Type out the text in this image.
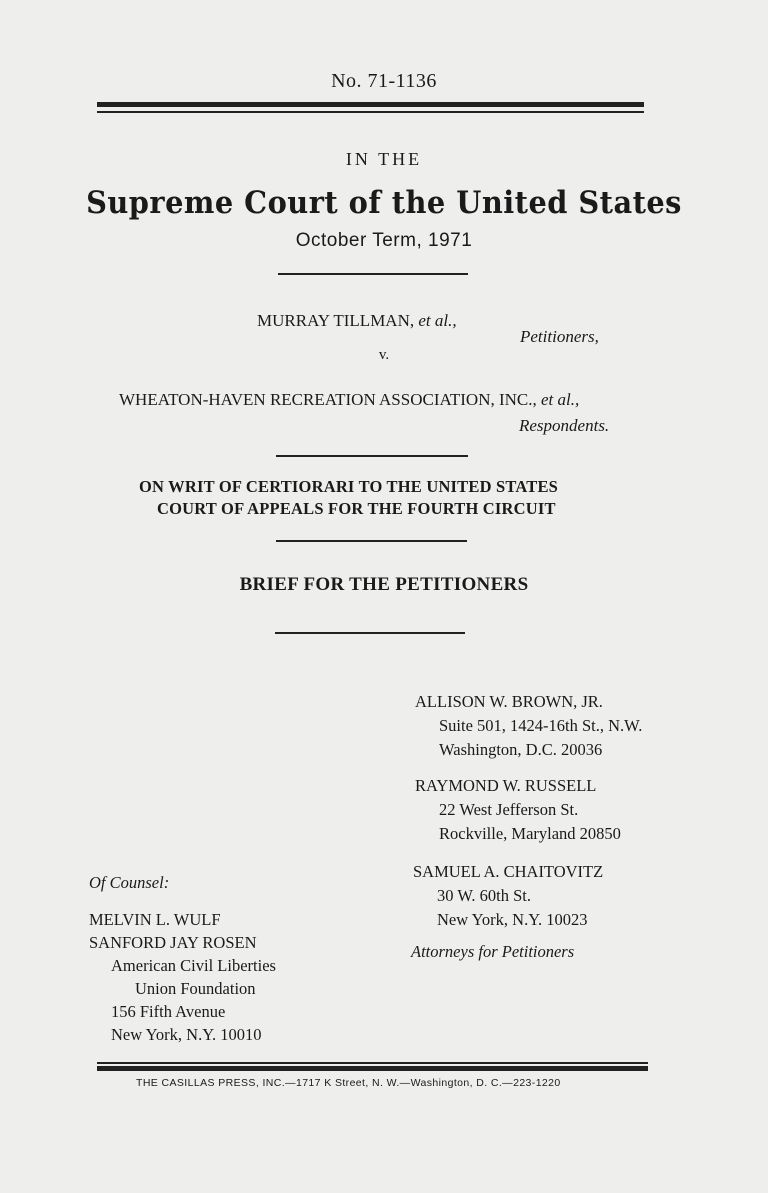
No. 71-1136
IN THE
Supreme Court of the United States
October Term, 1971
MURRAY TILLMAN, et al.,
Petitioners,
v.
WHEATON-HAVEN RECREATION ASSOCIATION, INC., et al.,
Respondents.
ON WRIT OF CERTIORARI TO THE UNITED STATES
COURT OF APPEALS FOR THE FOURTH CIRCUIT
BRIEF FOR THE PETITIONERS
ALLISON W. BROWN, JR.
Suite 501, 1424-16th St., N.W.
Washington, D.C. 20036
RAYMOND W. RUSSELL
22 West Jefferson St.
Rockville, Maryland 20850
SAMUEL A. CHAITOVITZ
30 W. 60th St.
New York, N.Y. 10023
Attorneys for Petitioners
Of Counsel:
MELVIN L. WULF
SANFORD JAY ROSEN
American Civil Liberties
Union Foundation
156 Fifth Avenue
New York, N.Y. 10010
THE CASILLAS PRESS, INC.—1717 K Street, N. W.—Washington, D. C.—223-1220
